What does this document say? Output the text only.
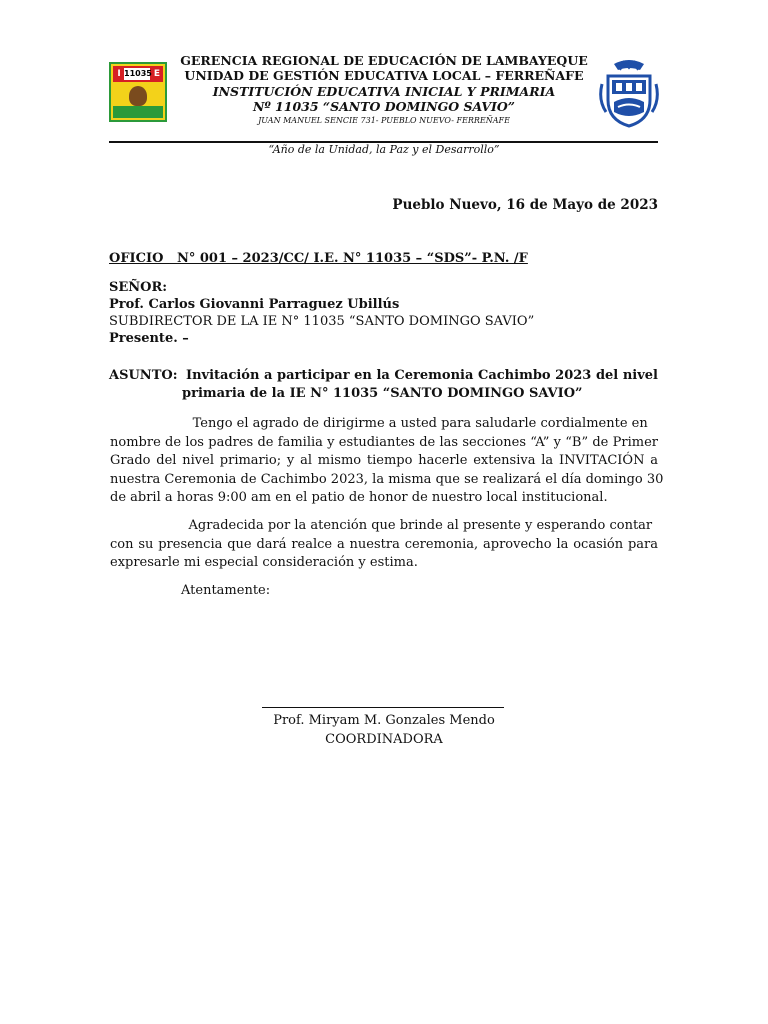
I 11035 E
GERENCIA REGIONAL DE EDUCACIÓN DE LAMBAYEQUE
UNIDAD DE GESTIÓN EDUCATIVA LOCAL – FERREÑAFE
INSTITUCIÓN EDUCATIVA INICIAL Y PRIMARIA
Nº 11035 “SANTO DOMINGO SAVIO”
JUAN MANUEL SENCIE 731- PUEBLO NUEVO- FERREÑAFE
“Año de la Unidad, la Paz y el Desarrollo”
Pueblo Nuevo, 16 de Mayo de 2023
OFICIO   N° 001 – 2023/CC/ I.E. N° 11035 – “SDS”- P.N. /F
SEÑOR:
Prof. Carlos Giovanni Parraguez Ubillús
SUBDIRECTOR DE LA IE N° 11035 “SANTO DOMINGO SAVIO”
Presente. –
ASUNTO: Invitación a participar en la Ceremonia Cachimbo 2023 del nivel
primaria de la IE N° 11035 “SANTO DOMINGO SAVIO”
Tengo el agrado de dirigirme a usted para saludarle cordialmente en
nombre de los padres de familia y estudiantes de las secciones “A” y “B” de Primer
Grado del nivel primario; y al mismo tiempo hacerle extensiva la INVITACIÓN a
nuestra Ceremonia de Cachimbo 2023, la misma que se realizará el día domingo 30
de abril a horas 9:00 am en el patio de honor de nuestro local institucional.
Agradecida por la atención que brinde al presente y esperando contar
con su presencia que dará realce a nuestra ceremonia, aprovecho la ocasión para
expresarle mi especial consideración y estima.
Atentamente:
Prof. Miryam M. Gonzales Mendo
COORDINADORA
